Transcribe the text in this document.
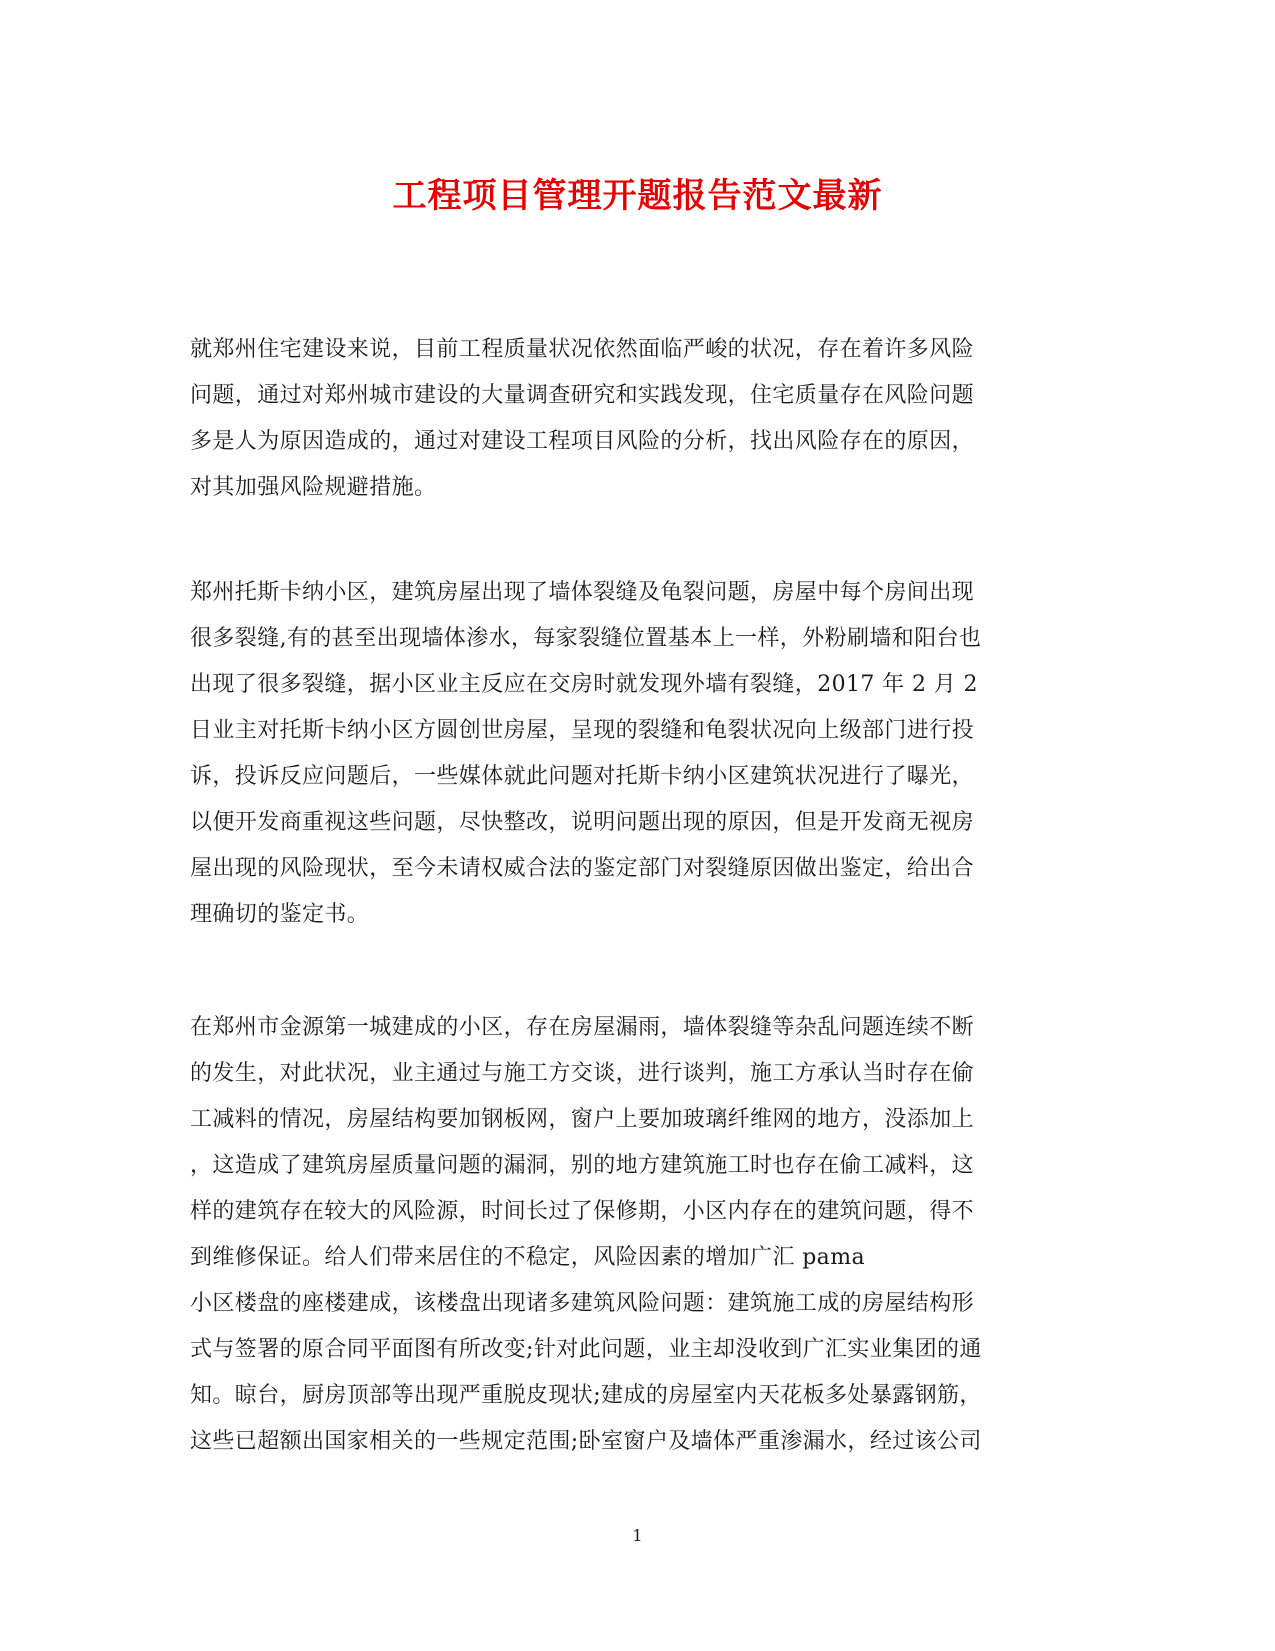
工程项目管理开题报告范文最新
就郑州住宅建设来说，目前工程质量状况依然面临严峻的状况，存在着许多风险
问题，通过对郑州城市建设的大量调查研究和实践发现，住宅质量存在风险问题
多是人为原因造成的，通过对建设工程项目风险的分析，找出风险存在的原因，
对其加强风险规避措施。
郑州托斯卡纳小区，建筑房屋出现了墙体裂缝及龟裂问题，房屋中每个房间出现
很多裂缝,有的甚至出现墙体渗水，每家裂缝位置基本上一样，外粉刷墙和阳台也
出现了很多裂缝，据小区业主反应在交房时就发现外墙有裂缝，2017 年 2 月 2
日业主对托斯卡纳小区方圆创世房屋，呈现的裂缝和龟裂状况向上级部门进行投
诉，投诉反应问题后，一些媒体就此问题对托斯卡纳小区建筑状况进行了曝光，
以便开发商重视这些问题，尽快整改，说明问题出现的原因，但是开发商无视房
屋出现的风险现状，至今未请权威合法的鉴定部门对裂缝原因做出鉴定，给出合
理确切的鉴定书。
在郑州市金源第一城建成的小区，存在房屋漏雨，墙体裂缝等杂乱问题连续不断
的发生，对此状况，业主通过与施工方交谈，进行谈判，施工方承认当时存在偷
工减料的情况，房屋结构要加钢板网，窗户上要加玻璃纤维网的地方，没添加上
，这造成了建筑房屋质量问题的漏洞，别的地方建筑施工时也存在偷工减料，这
样的建筑存在较大的风险源，时间长过了保修期，小区内存在的建筑问题，得不
到维修保证。给人们带来居住的不稳定，风险因素的增加广汇 pama
小区楼盘的座楼建成，该楼盘出现诸多建筑风险问题：建筑施工成的房屋结构形
式与签署的原合同平面图有所改变;针对此问题，业主却没收到广汇实业集团的通
知。晾台，厨房顶部等出现严重脱皮现状;建成的房屋室内天花板多处暴露钢筋，
这些已超额出国家相关的一些规定范围;卧室窗户及墙体严重渗漏水，经过该公司
1
